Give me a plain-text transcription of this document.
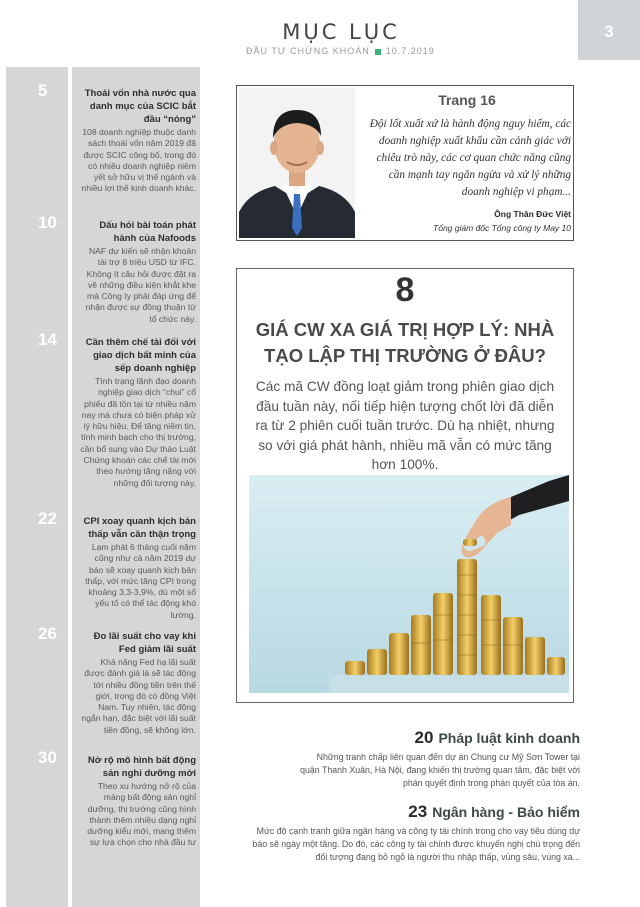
MỤC LỤC
ĐẦU TƯ CHỨNG KHOÁN 10.7.2019
3
5	Thoái vốn nhà nước qua danh mục của SCIC bắt đầu “nóng”
108 doanh nghiệp thuộc danh sách thoái vốn năm 2019 đã được SCIC công bố, trong đó có nhiều doanh nghiệp niêm yết sở hữu vị thế ngành và nhiều lợi thế kinh doanh khác.
10	Dấu hỏi bài toán phát hành của Nafoods
NAF dự kiến sẽ nhận khoản tài trợ 8 triệu USD từ IFC. Không ít câu hỏi được đặt ra về những điều kiện khắt khe mà Công ty phải đáp ứng để nhận được sự đồng thuận từ tổ chức này.
14	Cần thêm chế tài đối với giao dịch bất minh của sếp doanh nghiệp
Tình trạng lãnh đạo doanh nghiệp giao dịch “chui” cổ phiếu đã tồn tại từ nhiều năm nay mà chưa có biện pháp xử lý hữu hiệu. Để tăng niềm tin, tính minh bạch cho thị trường, cần bổ sung vào Dự thảo Luật Chứng khoán các chế tài mới theo hướng tăng nặng với những đối tượng này.
22	CPI xoay quanh kịch bản thấp vẫn cần thận trọng
Lạm phát 6 tháng cuối năm cũng như cả năm 2019 dự báo sẽ xoay quanh kịch bản thấp, với mức tăng CPI trong khoảng 3,3-3,9%, dù một số yếu tố có thể tác động khó lường.
26	Đo lãi suất cho vay khi Fed giảm lãi suất
Khả năng Fed hạ lãi suất được đánh giá là sẽ tác động tới nhiều đồng tiền trên thế giới, trong đó có đồng Việt Nam. Tuy nhiên, tác động ngắn hạn, đặc biệt với lãi suất tiền đồng, sẽ không lớn.
30	Nở rộ mô hình bất động sản nghỉ dưỡng mới
Theo xu hướng nở rộ của mảng bất động sản nghỉ dưỡng, thị trường cũng hình thành thêm nhiều dạng nghỉ dưỡng kiểu mới, mang thêm sự lựa chọn cho nhà đầu tư
Trang 16
Đội lốt xuất xứ là hành động nguy hiểm, các doanh nghiệp xuất khẩu cần cảnh giác với chiêu trò này, các cơ quan chức năng cũng cần mạnh tay ngăn ngừa và xử lý những doanh nghiệp vi phạm...
Ông Thân Đức Việt
Tổng giám đốc Tổng công ty May 10
8
GIÁ CW XA GIÁ TRỊ HỢP LÝ: NHÀ TẠO LẬP THỊ TRƯỜNG Ở ĐÂU?
Các mã CW đồng loạt giảm trong phiên giao dịch đầu tuần này, nối tiếp hiện tượng chốt lời đã diễn ra từ 2 phiên cuối tuần trước. Dù hạ nhiệt, nhưng so với giá phát hành, nhiều mã vẫn có mức tăng hơn 100%.
20 Pháp luật kinh doanh
Những tranh chấp liên quan đến dự án Chung cư Mỹ Sơn Tower tại quận Thanh Xuân, Hà Nội, đang khiến thị trường quan tâm, đặc biệt với phán quyết định trong phán quyết của tòa án.
23 Ngân hàng - Bảo hiểm
Mức độ cạnh tranh giữa ngân hàng và công ty tài chính trong cho vay tiêu dùng dự báo sẽ ngày một tăng. Do đó, các công ty tài chính được khuyến nghị chú trọng đến đối tượng đang bỏ ngỏ là người thu nhập thấp, vùng sâu, vùng xa...
